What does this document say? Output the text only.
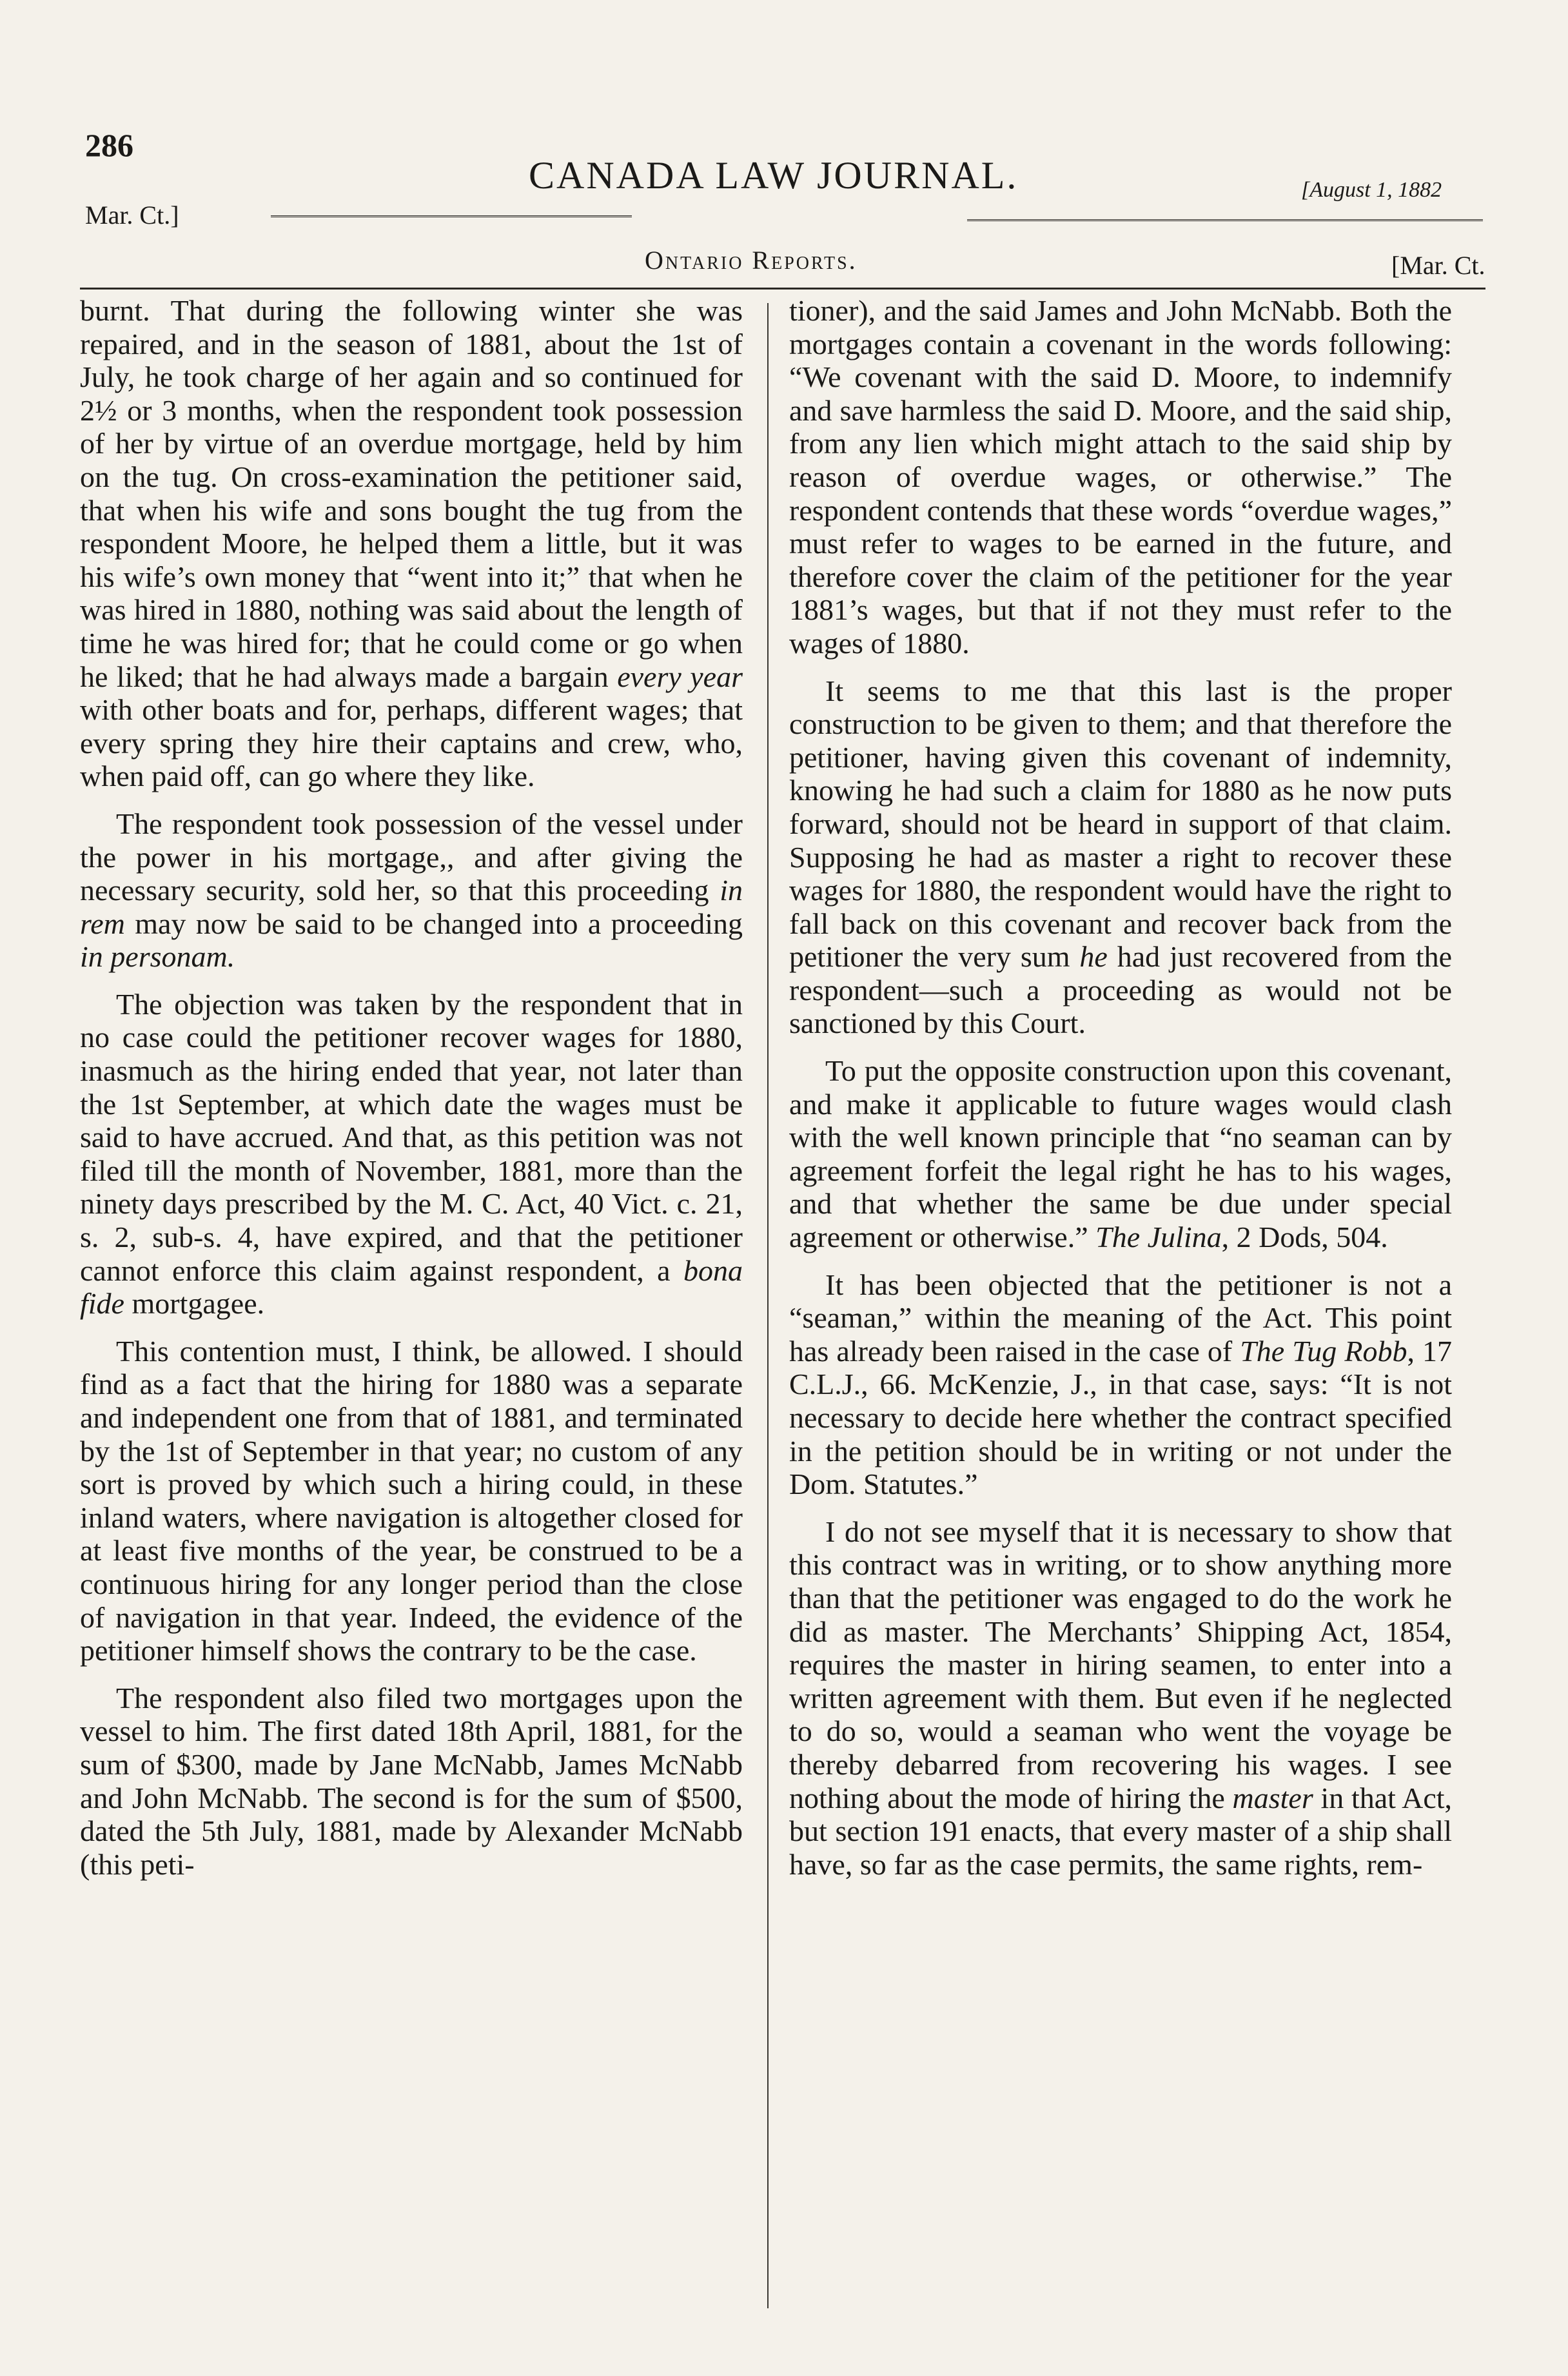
286
CANADA LAW JOURNAL.	[August 1, 1882
Mar. Ct.]
Ontario Reports.	[Mar. Ct.

burnt. That during the following winter she was repaired, and in the season of 1881, about the 1st of July, he took charge of her again and so continued for 2½ or 3 months, when the respondent took possession of her by virtue of an overdue mortgage, held by him on the tug. On cross-examination the petitioner said, that when his wife and sons bought the tug from the respondent Moore, he helped them a little, but it was his wife’s own money that “went into it;” that when he was hired in 1880, nothing was said about the length of time he was hired for; that he could come or go when he liked; that he had always made a bargain every year with other boats and for, perhaps, different wages; that every spring they hire their captains and crew, who, when paid off, can go where they like.

The respondent took possession of the vessel under the power in his mortgage,, and after giving the necessary security, sold her, so that this proceeding in rem may now be said to be changed into a proceeding in personam.

The objection was taken by the respondent that in no case could the petitioner recover wages for 1880, inasmuch as the hiring ended that year, not later than the 1st September, at which date the wages must be said to have accrued. And that, as this petition was not filed till the month of November, 1881, more than the ninety days prescribed by the M. C. Act, 40 Vict. c. 21, s. 2, sub-s. 4, have expired, and that the petitioner cannot enforce this claim against respondent, a bona fide mortgagee.

This contention must, I think, be allowed. I should find as a fact that the hiring for 1880 was a separate and independent one from that of 1881, and terminated by the 1st of September in that year; no custom of any sort is proved by which such a hiring could, in these inland waters, where navigation is altogether closed for at least five months of the year, be construed to be a continuous hiring for any longer period than the close of navigation in that year. Indeed, the evidence of the petitioner himself shows the contrary to be the case.

The respondent also filed two mortgages upon the vessel to him. The first dated 18th April, 1881, for the sum of $300, made by Jane McNabb, James McNabb and John McNabb. The second is for the sum of $500, dated the 5th July, 1881, made by Alexander McNabb (this peti-

tioner), and the said James and John McNabb. Both the mortgages contain a covenant in the words following: “We covenant with the said D. Moore, to indemnify and save harmless the said D. Moore, and the said ship, from any lien which might attach to the said ship by reason of overdue wages, or otherwise.” The respondent contends that these words “overdue wages,” must refer to wages to be earned in the future, and therefore cover the claim of the petitioner for the year 1881’s wages, but that if not they must refer to the wages of 1880.

It seems to me that this last is the proper construction to be given to them; and that therefore the petitioner, having given this covenant of indemnity, knowing he had such a claim for 1880 as he now puts forward, should not be heard in support of that claim. Supposing he had as master a right to recover these wages for 1880, the respondent would have the right to fall back on this covenant and recover back from the petitioner the very sum he had just recovered from the respondent—such a proceeding as would not be sanctioned by this Court.

To put the opposite construction upon this covenant, and make it applicable to future wages would clash with the well known principle that “no seaman can by agreement forfeit the legal right he has to his wages, and that whether the same be due under special agreement or otherwise.” The Julina, 2 Dods, 504.

It has been objected that the petitioner is not a “seaman,” within the meaning of the Act. This point has already been raised in the case of The Tug Robb, 17 C.L.J., 66. McKenzie, J., in that case, says: “It is not necessary to decide here whether the contract specified in the petition should be in writing or not under the Dom. Statutes.”

I do not see myself that it is necessary to show that this contract was in writing, or to show anything more than that the petitioner was engaged to do the work he did as master. The Merchants’ Shipping Act, 1854, requires the master in hiring seamen, to enter into a written agreement with them. But even if he neglected to do so, would a seaman who went the voyage be thereby debarred from recovering his wages. I see nothing about the mode of hiring the master in that Act, but section 191 enacts, that every master of a ship shall have, so far as the case permits, the same rights, rem-
